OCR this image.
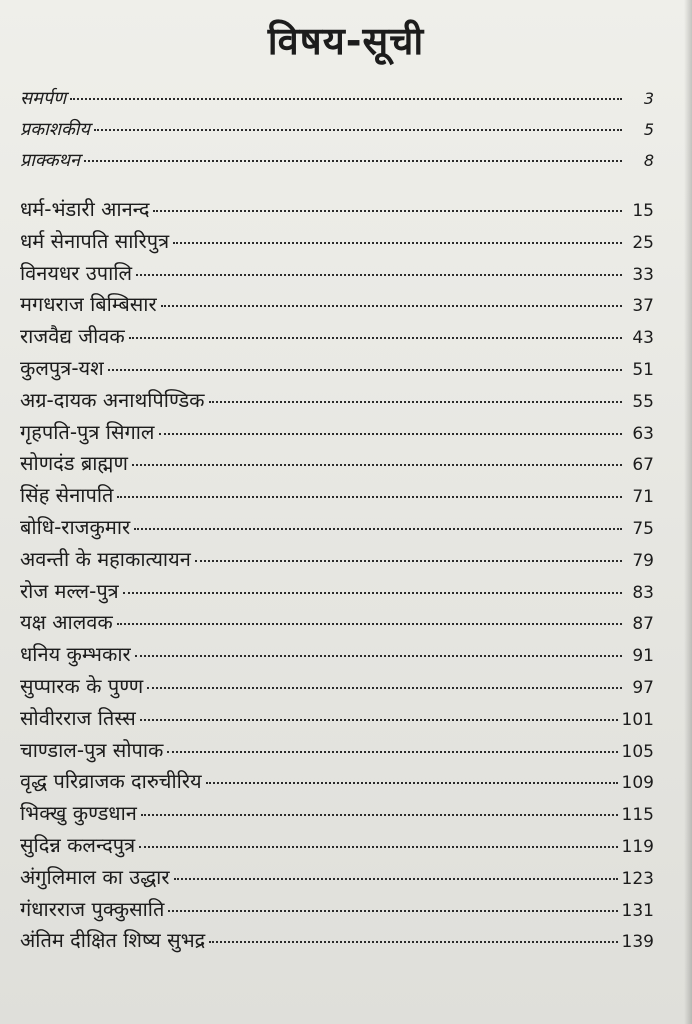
विषय-सूची
समर्पण	3
प्रकाशकीय	5
प्राक्कथन	8
धर्म-भंडारी आनन्द	15
धर्म सेनापति सारिपुत्र	25
विनयधर उपालि	33
मगधराज बिम्बिसार	37
राजवैद्य जीवक	43
कुलपुत्र-यश	51
अग्र-दायक अनाथपिण्डिक	55
गृहपति-पुत्र सिगाल	63
सोणदंड ब्राह्मण	67
सिंह सेनापति	71
बोधि-राजकुमार	75
अवन्ती के महाकात्यायन	79
रोज मल्ल-पुत्र	83
यक्ष आलवक	87
धनिय कुम्भकार	91
सुप्पारक के पुण्ण	97
सोवीरराज तिस्स	101
चाण्डाल-पुत्र सोपाक	105
वृद्ध परिव्राजक दारुचीरिय	109
भिक्खु कुण्डधान	115
सुदिन्न कलन्दपुत्र	119
अंगुलिमाल का उद्धार	123
गंधारराज पुक्कुसाति	131
अंतिम दीक्षित शिष्य सुभद्र	139
